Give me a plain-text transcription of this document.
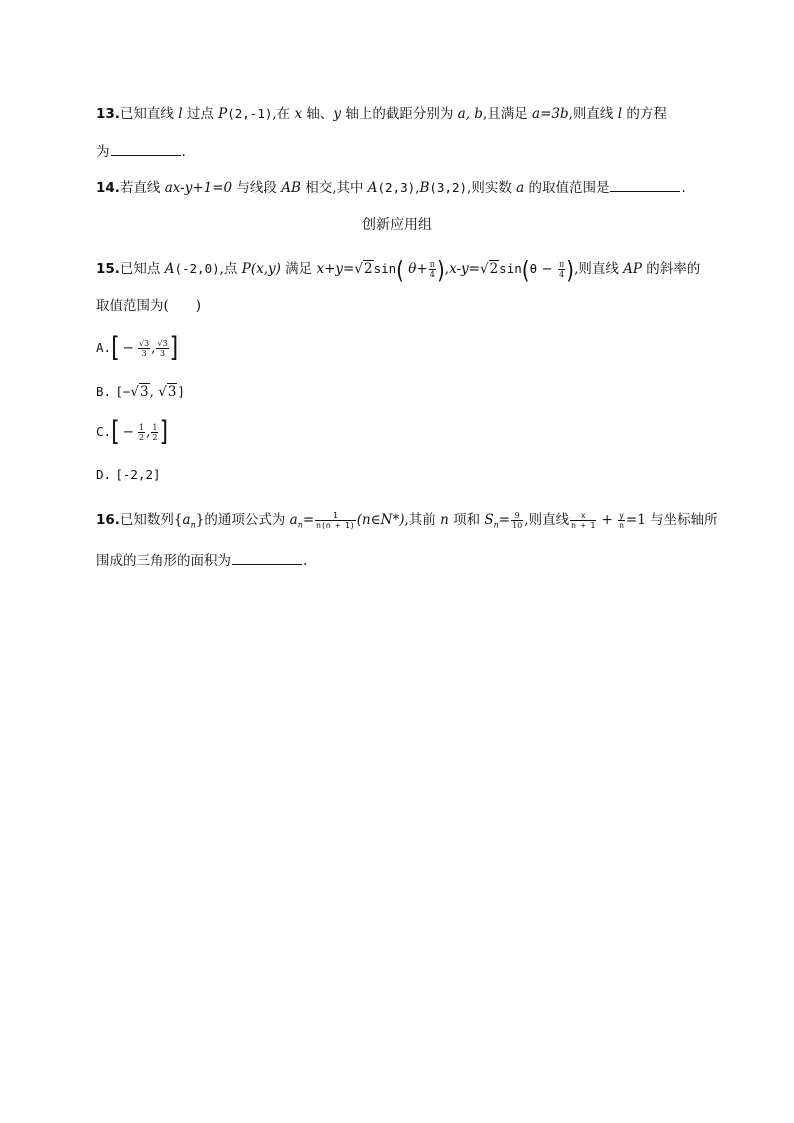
13.已知直线 l 过点 P(2,-1),在 x 轴、y 轴上的截距分别为 a, b,且满足 a=3b,则直线 l 的方程
为	.
14.若直线 ax-y+1=0 与线段 AB 相交,其中 A(2,3),B(3,2),则实数 a 的取值范围是	.
创新应用组
15.已知点 A(-2,0),点 P(x,y) 满足 x+y=√2sin( $\theta+ \frac{\pi}{4} ),x-y=√2\sin(\theta - \frac{\pi}{4}$ ),则直线 AP 的斜率的
取值范围为(　　)
$A.[ - \frac{√3}{3}$ , $\frac{√3}{3}$ ]
B. [−√3, √3]
$C.[ - \frac{1}{2}$ , $\frac{1}{2}$ ]
D. [-2,2]
16.已知数列$\{a_n\}$的通项公式为 $a_n= \frac{1}{n(n + 1)}$ (n∈N*),其前 n 项和 $S_n= \frac{9}{10}$ ,则直线 $\frac{x}{n + 1} + \frac{y}{n} =1$ 与坐标轴所
围成的三角形的面积为	.
